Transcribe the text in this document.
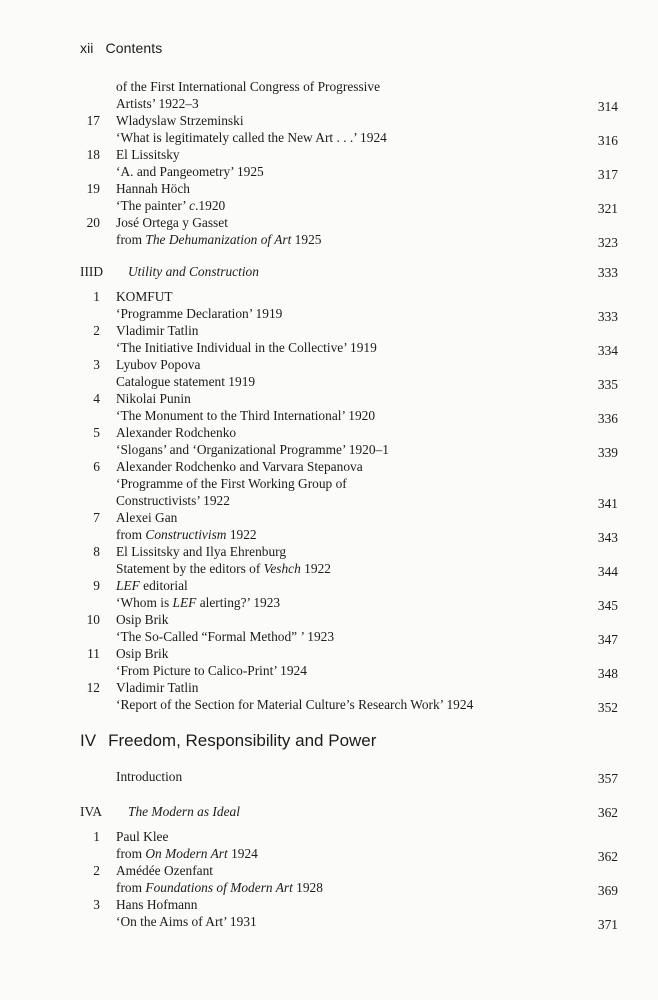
xii Contents
of the First International Congress of Progressive
Artists’ 1922–3	314
17 Wladyslaw Strzeminski
‘What is legitimately called the New Art . . .’ 1924	316
18 El Lissitsky
‘A. and Pangeometry’ 1925	317
19 Hannah Höch
‘The painter’ c.1920	321
20 José Ortega y Gasset
from The Dehumanization of Art 1925	323
IIID Utility and Construction	333
1 KOMFUT
‘Programme Declaration’ 1919	333
2 Vladimir Tatlin
‘The Initiative Individual in the Collective’ 1919	334
3 Lyubov Popova
Catalogue statement 1919	335
4 Nikolai Punin
‘The Monument to the Third International’ 1920	336
5 Alexander Rodchenko
‘Slogans’ and ‘Organizational Programme’ 1920–1	339
6 Alexander Rodchenko and Varvara Stepanova
‘Programme of the First Working Group of
Constructivists’ 1922	341
7 Alexei Gan
from Constructivism 1922	343
8 El Lissitsky and Ilya Ehrenburg
Statement by the editors of Veshch 1922	344
9 LEF editorial
‘Whom is LEF alerting?’ 1923	345
10 Osip Brik
‘The So-Called “Formal Method” ’ 1923	347
11 Osip Brik
‘From Picture to Calico-Print’ 1924	348
12 Vladimir Tatlin
‘Report of the Section for Material Culture’s Research Work’ 1924	352
IV Freedom, Responsibility and Power
Introduction	357
IVA The Modern as Ideal	362
1 Paul Klee
from On Modern Art 1924	362
2 Amédée Ozenfant
from Foundations of Modern Art 1928	369
3 Hans Hofmann
‘On the Aims of Art’ 1931	371
